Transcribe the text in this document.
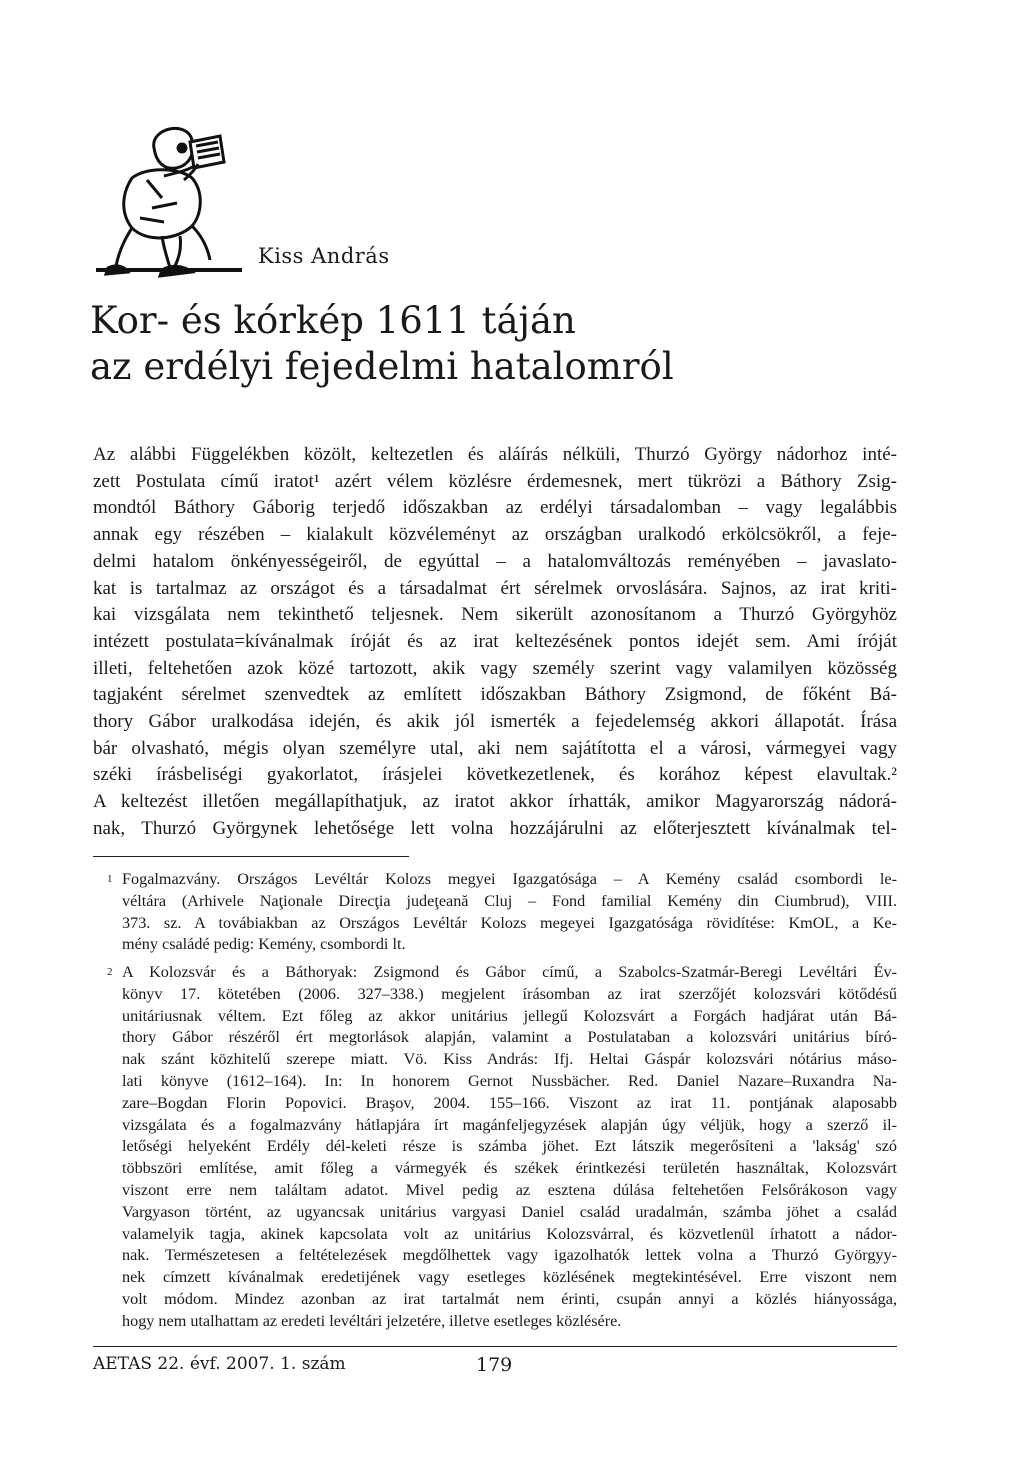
Kiss András
Kor- és kórkép 1611 táján
az erdélyi fejedelmi hatalomról
Az alábbi Függelékben közölt, keltezetlen és aláírás nélküli, Thurzó György nádorhoz inté-
zett Postulata című iratot¹ azért vélem közlésre érdemesnek, mert tükrözi a Báthory Zsig-
mondtól Báthory Gáborig terjedő időszakban az erdélyi társadalomban – vagy legalábbis
annak egy részében – kialakult közvéleményt az országban uralkodó erkölcsökről, a feje-
delmi hatalom önkényességeiről, de egyúttal – a hatalomváltozás reményében – javaslato-
kat is tartalmaz az országot és a társadalmat ért sérelmek orvoslására. Sajnos, az irat kriti-
kai vizsgálata nem tekinthető teljesnek. Nem sikerült azonosítanom a Thurzó Györgyhöz
intézett postulata=kívánalmak íróját és az irat keltezésének pontos idejét sem. Ami íróját
illeti, feltehetően azok közé tartozott, akik vagy személy szerint vagy valamilyen közösség
tagjaként sérelmet szenvedtek az említett időszakban Báthory Zsigmond, de főként Bá-
thory Gábor uralkodása idején, és akik jól ismerték a fejedelemség akkori állapotát. Írása
bár olvasható, mégis olyan személyre utal, aki nem sajátította el a városi, vármegyei vagy
széki írásbeliségi gyakorlatot, írásjelei következetlenek, és korához képest elavultak.²
A keltezést illetően megállapíthatjuk, az iratot akkor írhatták, amikor Magyarország nádorá-
nak, Thurzó Györgynek lehetősége lett volna hozzájárulni az előterjesztett kívánalmak tel-
1 Fogalmazvány. Országos Levéltár Kolozs megyei Igazgatósága – A Kemény család csombordi le-
véltára (Arhivele Naţionale Direcţia judeţeană Cluj – Fond familial Kemény din Ciumbrud), VIII.
373. sz. A továbiakban az Országos Levéltár Kolozs megeyei Igazgatósága rövidítése: KmOL, a Ke-
mény családé pedig: Kemény, csombordi lt.
2 A Kolozsvár és a Báthoryak: Zsigmond és Gábor című, a Szabolcs-Szatmár-Beregi Levéltári Év-
könyv 17. kötetében (2006. 327–338.) megjelent írásomban az irat szerzőjét kolozsvári kötődésű
unitáriusnak véltem. Ezt főleg az akkor unitárius jellegű Kolozsvárt a Forgách hadjárat után Bá-
thory Gábor részéről ért megtorlások alapján, valamint a Postulataban a kolozsvári unitárius bíró-
nak szánt közhitelű szerepe miatt. Vö. Kiss András: Ifj. Heltai Gáspár kolozsvári nótárius máso-
lati könyve (1612–164). In: In honorem Gernot Nussbächer. Red. Daniel Nazare–Ruxandra Na-
zare–Bogdan Florin Popovici. Braşov, 2004. 155–166. Viszont az irat 11. pontjának alaposabb
vizsgálata és a fogalmazvány hátlapjára írt magánfeljegyzések alapján úgy véljük, hogy a szerző il-
letőségi helyeként Erdély dél-keleti része is számba jöhet. Ezt látszik megerősíteni a 'lakság' szó
többszöri említése, amit főleg a vármegyék és székek érintkezési területén használtak, Kolozsvárt
viszont erre nem találtam adatot. Mivel pedig az esztena dúlása feltehetően Felsőrákoson vagy
Vargyason történt, az ugyancsak unitárius vargyasi Daniel család uradalmán, számba jöhet a család
valamelyik tagja, akinek kapcsolata volt az unitárius Kolozsvárral, és közvetlenül írhatott a nádor-
nak. Természetesen a feltételezések megdőlhettek vagy igazolhatók lettek volna a Thurzó Györgyy-
nek címzett kívánalmak eredetijének vagy esetleges közlésének megtekintésével. Erre viszont nem
volt módom. Mindez azonban az irat tartalmát nem érinti, csupán annyi a közlés hiányossága,
hogy nem utalhattam az eredeti levéltári jelzetére, illetve esetleges közlésére.
AETAS 22. évf. 2007. 1. szám	179
